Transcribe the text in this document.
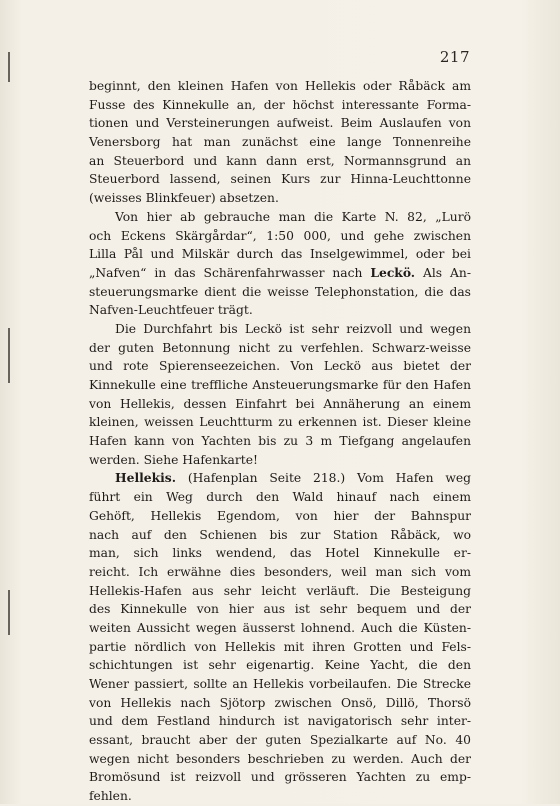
217
beginnt, den kleinen Hafen von Hellekis oder Råbäck am
Fusse des Kinnekulle an, der höchst interessante Forma-
tionen und Versteinerungen aufweist. Beim Auslaufen von
Venersborg hat man zunächst eine lange Tonnenreihe
an Steuerbord und kann dann erst, Normannsgrund an
Steuerbord lassend, seinen Kurs zur Hinna-Leuchttonne
(weisses Blinkfeuer) absetzen.
Von hier ab gebrauche man die Karte N. 82, „Lurö
och Eckens Skärgårdar“, 1:50 000, und gehe zwischen
Lilla Pål und Milskär durch das Inselgewimmel, oder bei
„Nafven“ in das Schärenfahrwasser nach Leckö. Als An-
steuerungsmarke dient die weisse Telephonstation, die das
Nafven-Leuchtfeuer trägt.
Die Durchfahrt bis Leckö ist sehr reizvoll und wegen
der guten Betonnung nicht zu verfehlen. Schwarz-weisse
und rote Spierenseezeichen. Von Leckö aus bietet der
Kinnekulle eine treffliche Ansteuerungsmarke für den Hafen
von Hellekis, dessen Einfahrt bei Annäherung an einem
kleinen, weissen Leuchtturm zu erkennen ist. Dieser kleine
Hafen kann von Yachten bis zu 3 m Tiefgang angelaufen
werden. Siehe Hafenkarte!
Hellekis. (Hafenplan Seite 218.) Vom Hafen weg
führt ein Weg durch den Wald hinauf nach einem
Gehöft, Hellekis Egendom, von hier der Bahnspur
nach auf den Schienen bis zur Station Råbäck, wo
man, sich links wendend, das Hotel Kinnekulle er-
reicht. Ich erwähne dies besonders, weil man sich vom
Hellekis-Hafen aus sehr leicht verläuft. Die Besteigung
des Kinnekulle von hier aus ist sehr bequem und der
weiten Aussicht wegen äusserst lohnend. Auch die Küsten-
partie nördlich von Hellekis mit ihren Grotten und Fels-
schichtungen ist sehr eigenartig. Keine Yacht, die den
Wener passiert, sollte an Hellekis vorbeilaufen. Die Strecke
von Hellekis nach Sjötorp zwischen Onsö, Dillö, Thorsö
und dem Festland hindurch ist navigatorisch sehr inter-
essant, braucht aber der guten Spezialkarte auf No. 40
wegen nicht besonders beschrieben zu werden. Auch der
Bromösund ist reizvoll und grösseren Yachten zu emp-
fehlen.
